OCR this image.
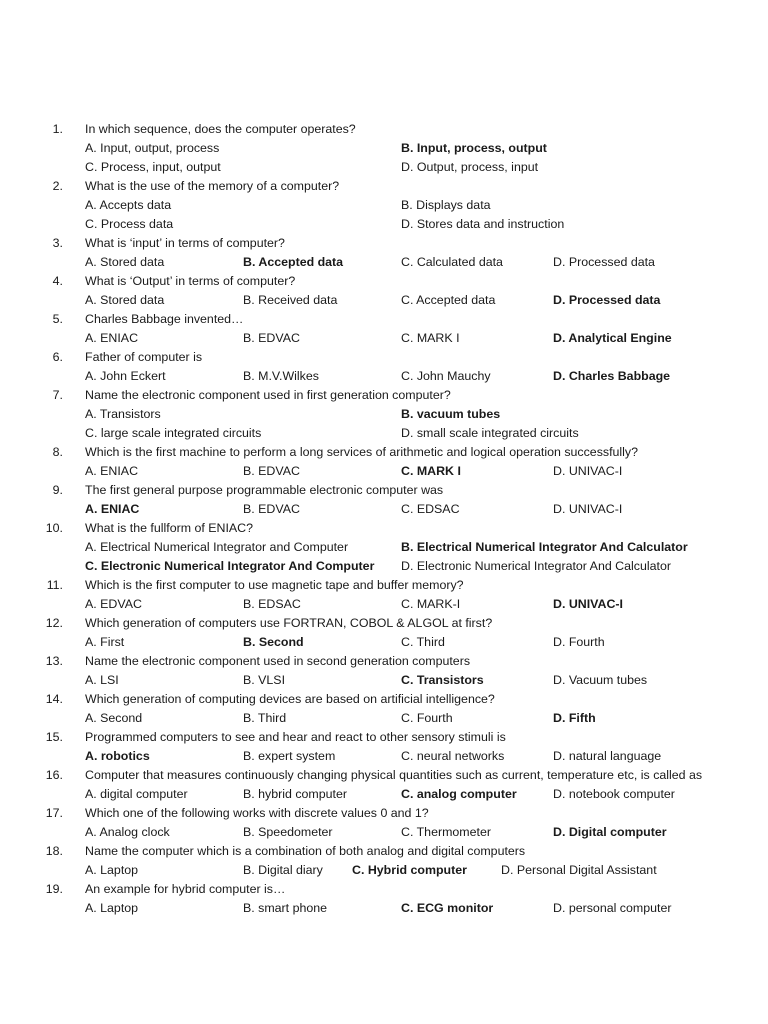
1. In which sequence, does the computer operates?
A. Input, output, process	B. Input, process, output
C. Process, input, output	D. Output, process, input
2. What is the use of the memory of a computer?
A. Accepts data	B. Displays data
C. Process data	D. Stores data and instruction
3. What is ‘input’ in terms of computer?
A. Stored data	B. Accepted data	C. Calculated data	D. Processed data
4. What is ‘Output’ in terms of computer?
A. Stored data	B. Received data	C. Accepted data	D. Processed data
5. Charles Babbage invented…
A. ENIAC	B. EDVAC	C. MARK I	D. Analytical Engine
6. Father of computer is
A. John Eckert	B. M.V.Wilkes	C. John Mauchy	D. Charles Babbage
7. Name the electronic component used in first generation computer?
A. Transistors	B. vacuum tubes
C. large scale integrated circuits	D. small scale integrated circuits
8. Which is the first machine to perform a long services of arithmetic and logical operation successfully?
A. ENIAC	B. EDVAC	C. MARK I	D. UNIVAC-I
9. The first general purpose programmable electronic computer was
A. ENIAC	B. EDVAC	C. EDSAC	D. UNIVAC-I
10. What is the fullform of ENIAC?
A. Electrical Numerical Integrator and Computer	B. Electrical Numerical Integrator And Calculator
C. Electronic Numerical Integrator And Computer D. Electronic Numerical Integrator And Calculator
11. Which is the first computer to use magnetic tape and buffer memory?
A. EDVAC	B. EDSAC	C. MARK-I	D. UNIVAC-I
12. Which generation of computers use FORTRAN, COBOL & ALGOL at first?
A. First	B. Second	C. Third	D. Fourth
13. Name the electronic component used in second generation computers
A. LSI	B. VLSI	C. Transistors	D. Vacuum tubes
14. Which generation of computing devices are based on artificial intelligence?
A. Second	B. Third	C. Fourth	D. Fifth
15. Programmed computers to see and hear and react to other sensory stimuli is
A. robotics	B. expert system	C. neural networks	D. natural language
16. Computer that measures continuously changing physical quantities such as current, temperature etc, is called as
A. digital computer	B. hybrid computer	C. analog computer	D. notebook computer
17. Which one of the following works with discrete values 0 and 1?
A. Analog clock	B. Speedometer	C. Thermometer	D. Digital computer
18. Name the computer which is a combination of both analog and digital computers
A. Laptop	B. Digital diary C. Hybrid computer	D. Personal Digital Assistant
19. An example for hybrid computer is…
A. Laptop	B. smart phone	C. ECG monitor	D. personal computer
